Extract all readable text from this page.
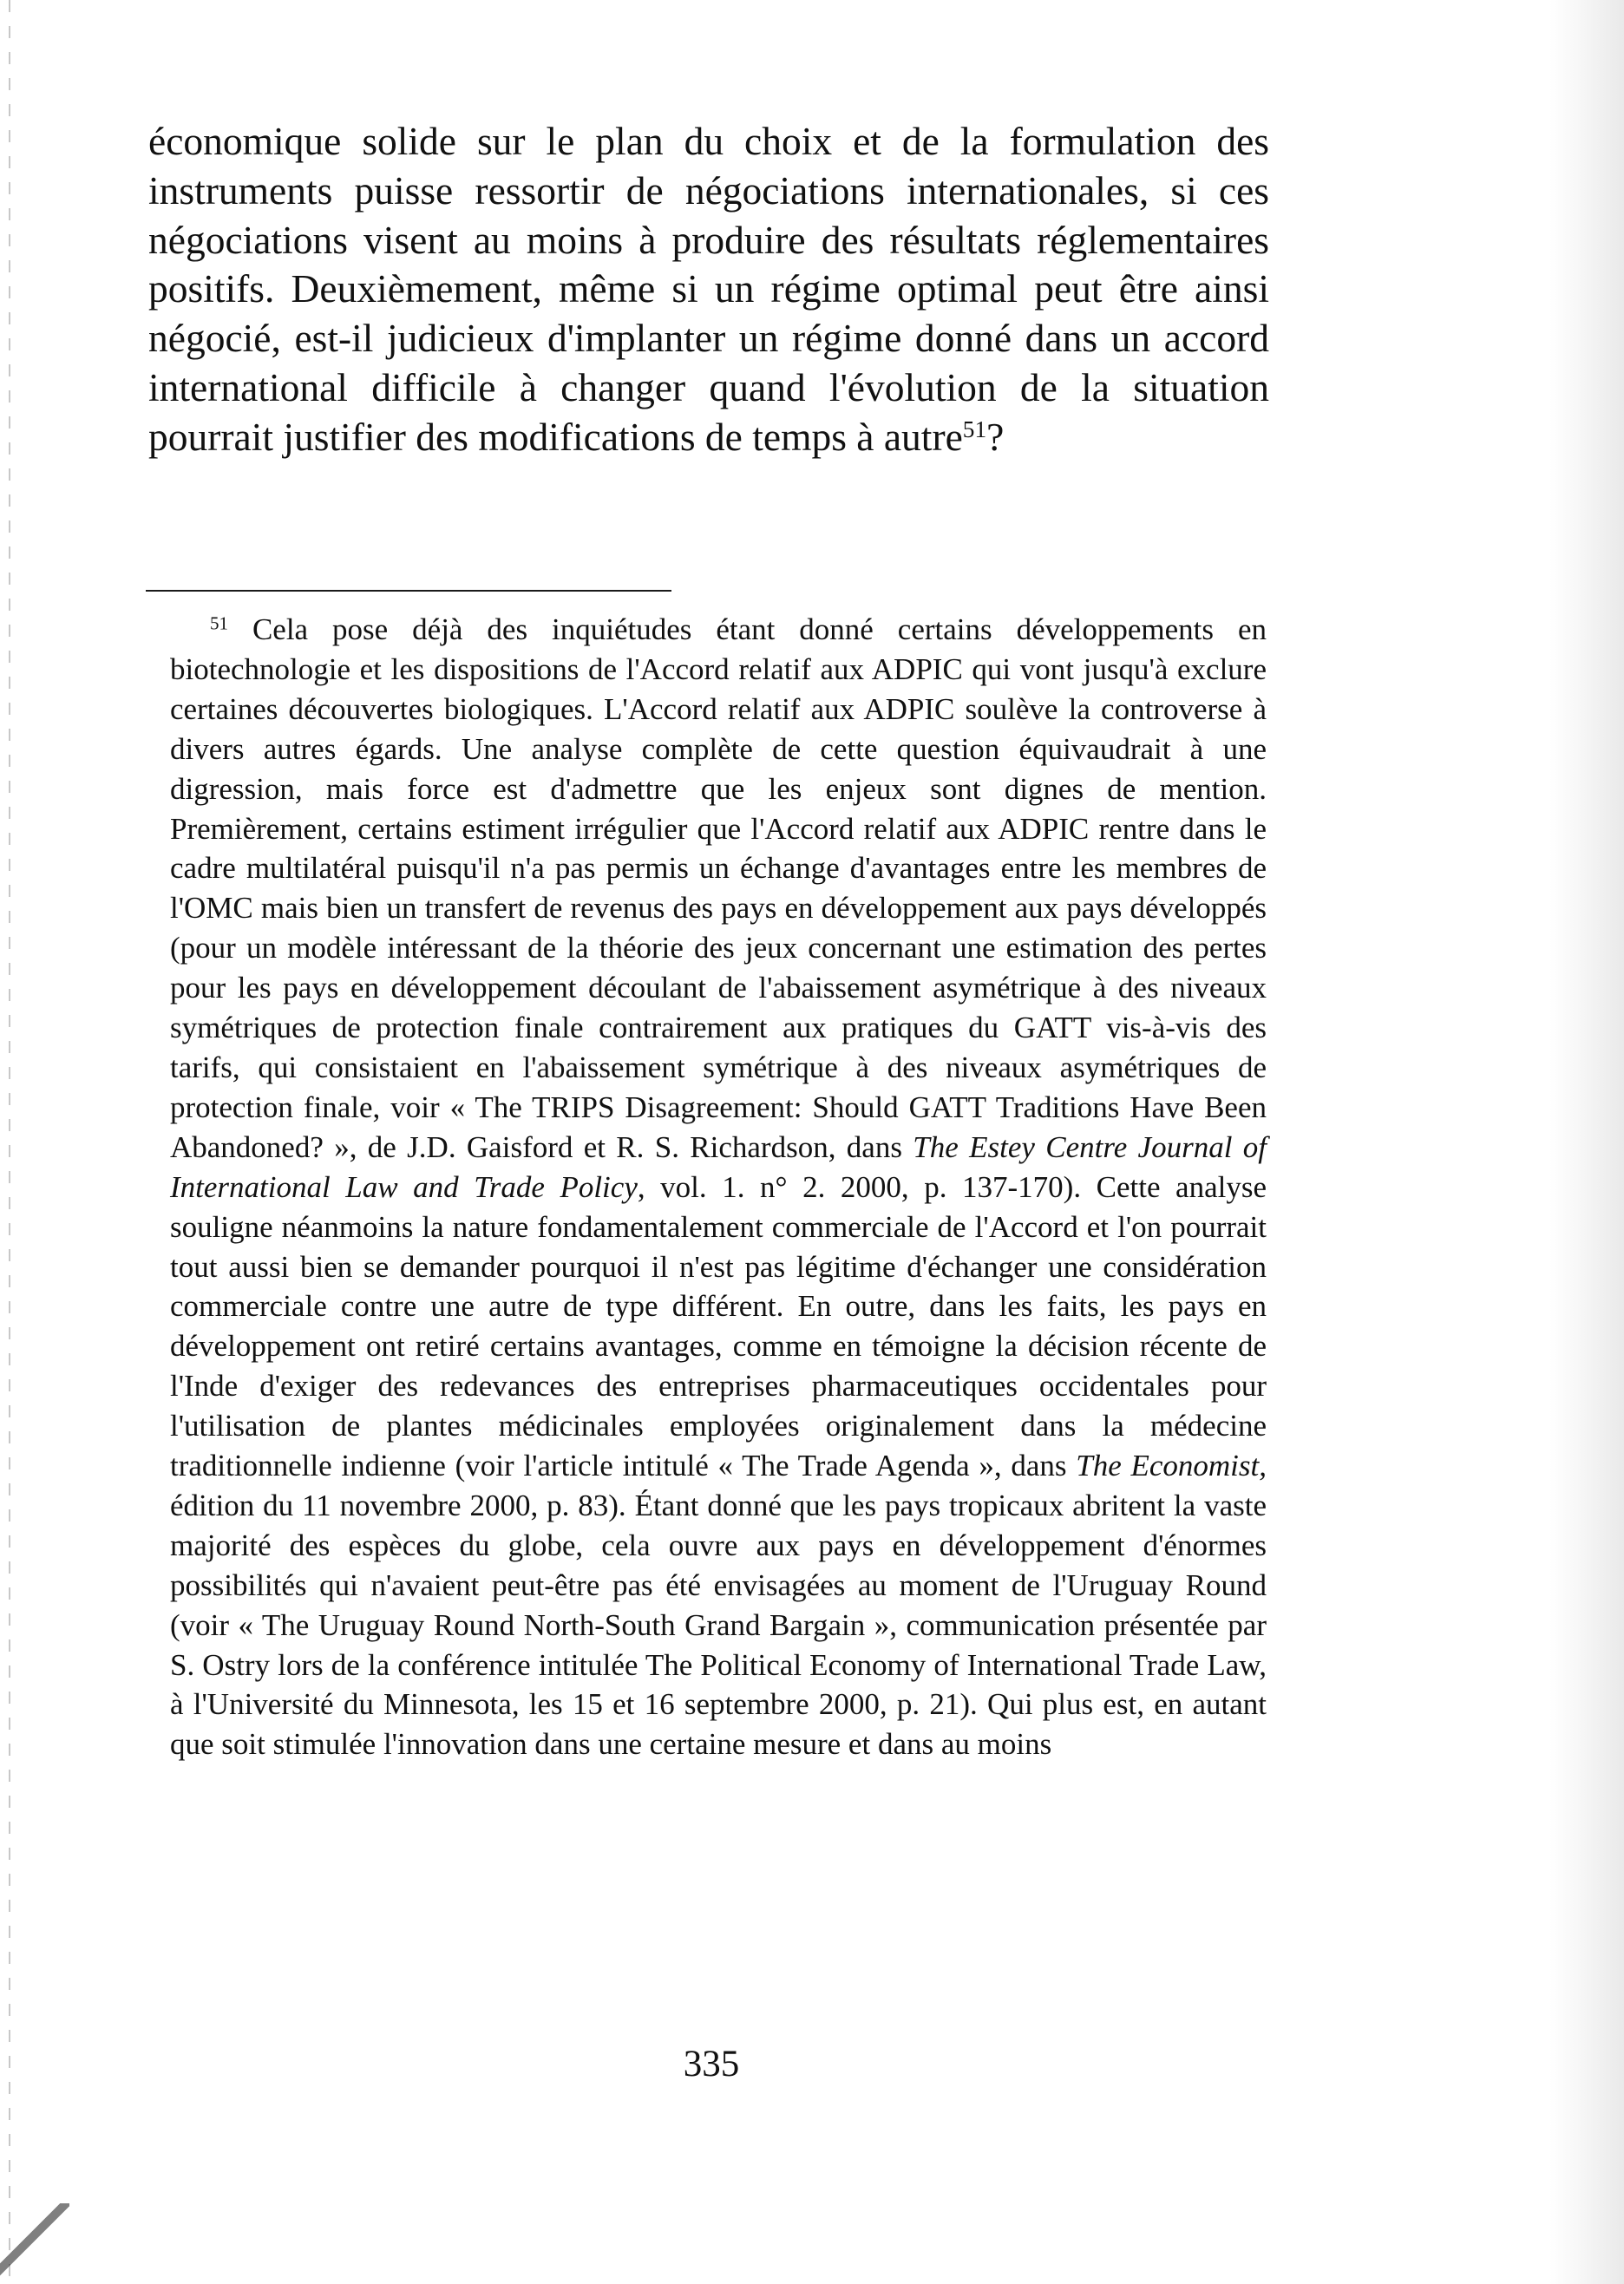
économique solide sur le plan du choix et de la formulation des instruments puisse ressortir de négociations internationales, si ces négociations visent au moins à produire des résultats réglementaires positifs. Deuxièmement, même si un régime optimal peut être ainsi négocié, est-il judicieux d'implanter un régime donné dans un accord international difficile à changer quand l'évolution de la situation pourrait justifier des modifications de temps à autre$^{51}$?

$^{51}$ Cela pose déjà des inquiétudes étant donné certains développements en biotechnologie et les dispositions de l'Accord relatif aux ADPIC qui vont jusqu'à exclure certaines découvertes biologiques. L'Accord relatif aux ADPIC soulève la controverse à divers autres égards. Une analyse complète de cette question équivaudrait à une digression, mais force est d'admettre que les enjeux sont dignes de mention. Premièrement, certains estiment irrégulier que l'Accord relatif aux ADPIC rentre dans le cadre multilatéral puisqu'il n'a pas permis un échange d'avantages entre les membres de l'OMC mais bien un transfert de revenus des pays en développement aux pays développés (pour un modèle intéressant de la théorie des jeux concernant une estimation des pertes pour les pays en développement découlant de l'abaissement asymétrique à des niveaux symétriques de protection finale contrairement aux pratiques du GATT vis-à-vis des tarifs, qui consistaient en l'abaissement symétrique à des niveaux asymétriques de protection finale, voir « The TRIPS Disagreement: Should GATT Traditions Have Been Abandoned? », de J.D. Gaisford et R. S. Richardson, dans The Estey Centre Journal of International Law and Trade Policy, vol. 1. n° 2. 2000, p. 137-170). Cette analyse souligne néanmoins la nature fondamentalement commerciale de l'Accord et l'on pourrait tout aussi bien se demander pourquoi il n'est pas légitime d'échanger une considération commerciale contre une autre de type différent. En outre, dans les faits, les pays en développement ont retiré certains avantages, comme en témoigne la décision récente de l'Inde d'exiger des redevances des entreprises pharmaceutiques occidentales pour l'utilisation de plantes médicinales employées originalement dans la médecine traditionnelle indienne (voir l'article intitulé « The Trade Agenda », dans The Economist, édition du 11 novembre 2000, p. 83). Étant donné que les pays tropicaux abritent la vaste majorité des espèces du globe, cela ouvre aux pays en développement d'énormes possibilités qui n'avaient peut-être pas été envisagées au moment de l'Uruguay Round (voir « The Uruguay Round North-South Grand Bargain », communication présentée par S. Ostry lors de la conférence intitulée The Political Economy of International Trade Law, à l'Université du Minnesota, les 15 et 16 septembre 2000, p. 21). Qui plus est, en autant que soit stimulée l'innovation dans une certaine mesure et dans au moins

335
